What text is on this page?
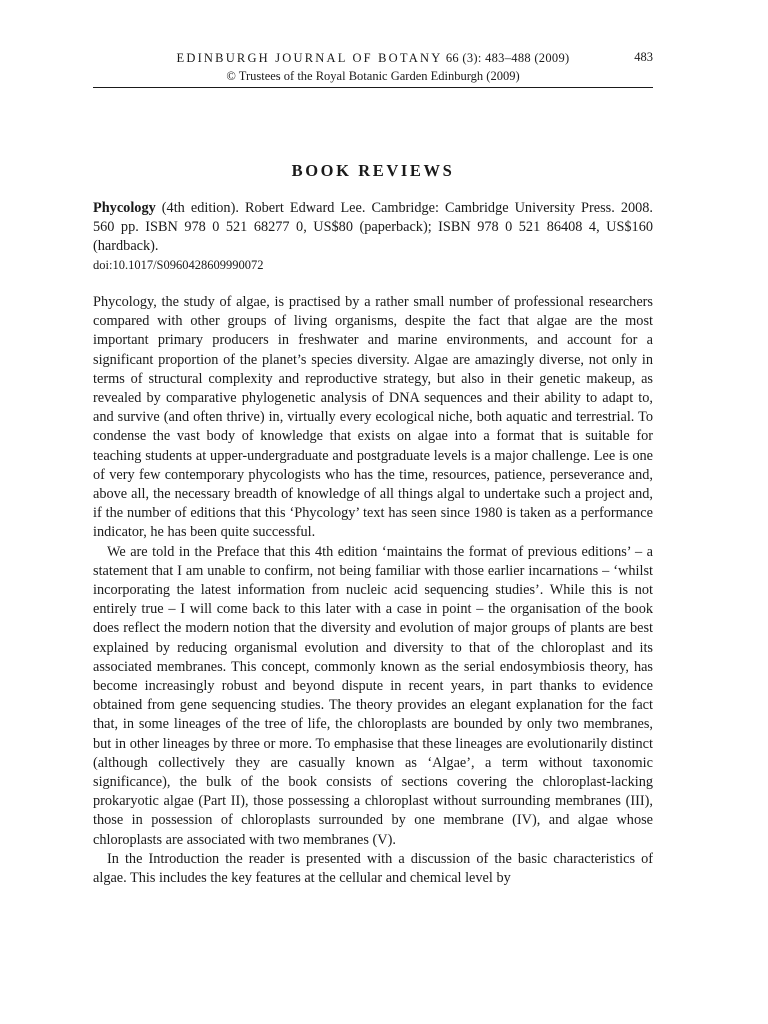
EDINBURGH JOURNAL OF BOTANY 66 (3): 483–488 (2009)	483
© Trustees of the Royal Botanic Garden Edinburgh (2009)
BOOK REVIEWS
Phycology (4th edition). Robert Edward Lee. Cambridge: Cambridge University Press. 2008. 560 pp. ISBN 978 0 521 68277 0, US$80 (paperback); ISBN 978 0 521 86408 4, US$160 (hardback).
doi:10.1017/S0960428609990072

Phycology, the study of algae, is practised by a rather small number of professional researchers compared with other groups of living organisms, despite the fact that algae are the most important primary producers in freshwater and marine environments, and account for a significant proportion of the planet’s species diversity. Algae are amazingly diverse, not only in terms of structural complexity and reproductive strategy, but also in their genetic makeup, as revealed by comparative phylogenetic analysis of DNA sequences and their ability to adapt to, and survive (and often thrive) in, virtually every ecological niche, both aquatic and terrestrial. To condense the vast body of knowledge that exists on algae into a format that is suitable for teaching students at upper-undergraduate and postgraduate levels is a major challenge. Lee is one of very few contemporary phycologists who has the time, resources, patience, perseverance and, above all, the necessary breadth of knowledge of all things algal to undertake such a project and, if the number of editions that this ‘Phycology’ text has seen since 1980 is taken as a performance indicator, he has been quite successful.

We are told in the Preface that this 4th edition ‘maintains the format of previous editions’ – a statement that I am unable to confirm, not being familiar with those earlier incarnations – ‘whilst incorporating the latest information from nucleic acid sequencing studies’. While this is not entirely true – I will come back to this later with a case in point – the organisation of the book does reflect the modern notion that the diversity and evolution of major groups of plants are best explained by reducing organismal evolution and diversity to that of the chloroplast and its associated membranes. This concept, commonly known as the serial endosymbiosis theory, has become increasingly robust and beyond dispute in recent years, in part thanks to evidence obtained from gene sequencing studies. The theory provides an elegant explanation for the fact that, in some lineages of the tree of life, the chloroplasts are bounded by only two membranes, but in other lineages by three or more. To emphasise that these lineages are evolutionarily distinct (although collectively they are casually known as ‘Algae’, a term without taxonomic significance), the bulk of the book consists of sections covering the chloroplast-lacking prokaryotic algae (Part II), those possessing a chloroplast without surrounding membranes (III), those in possession of chloroplasts surrounded by one membrane (IV), and algae whose chloroplasts are associated with two membranes (V).

In the Introduction the reader is presented with a discussion of the basic characteristics of algae. This includes the key features at the cellular and chemical level by
